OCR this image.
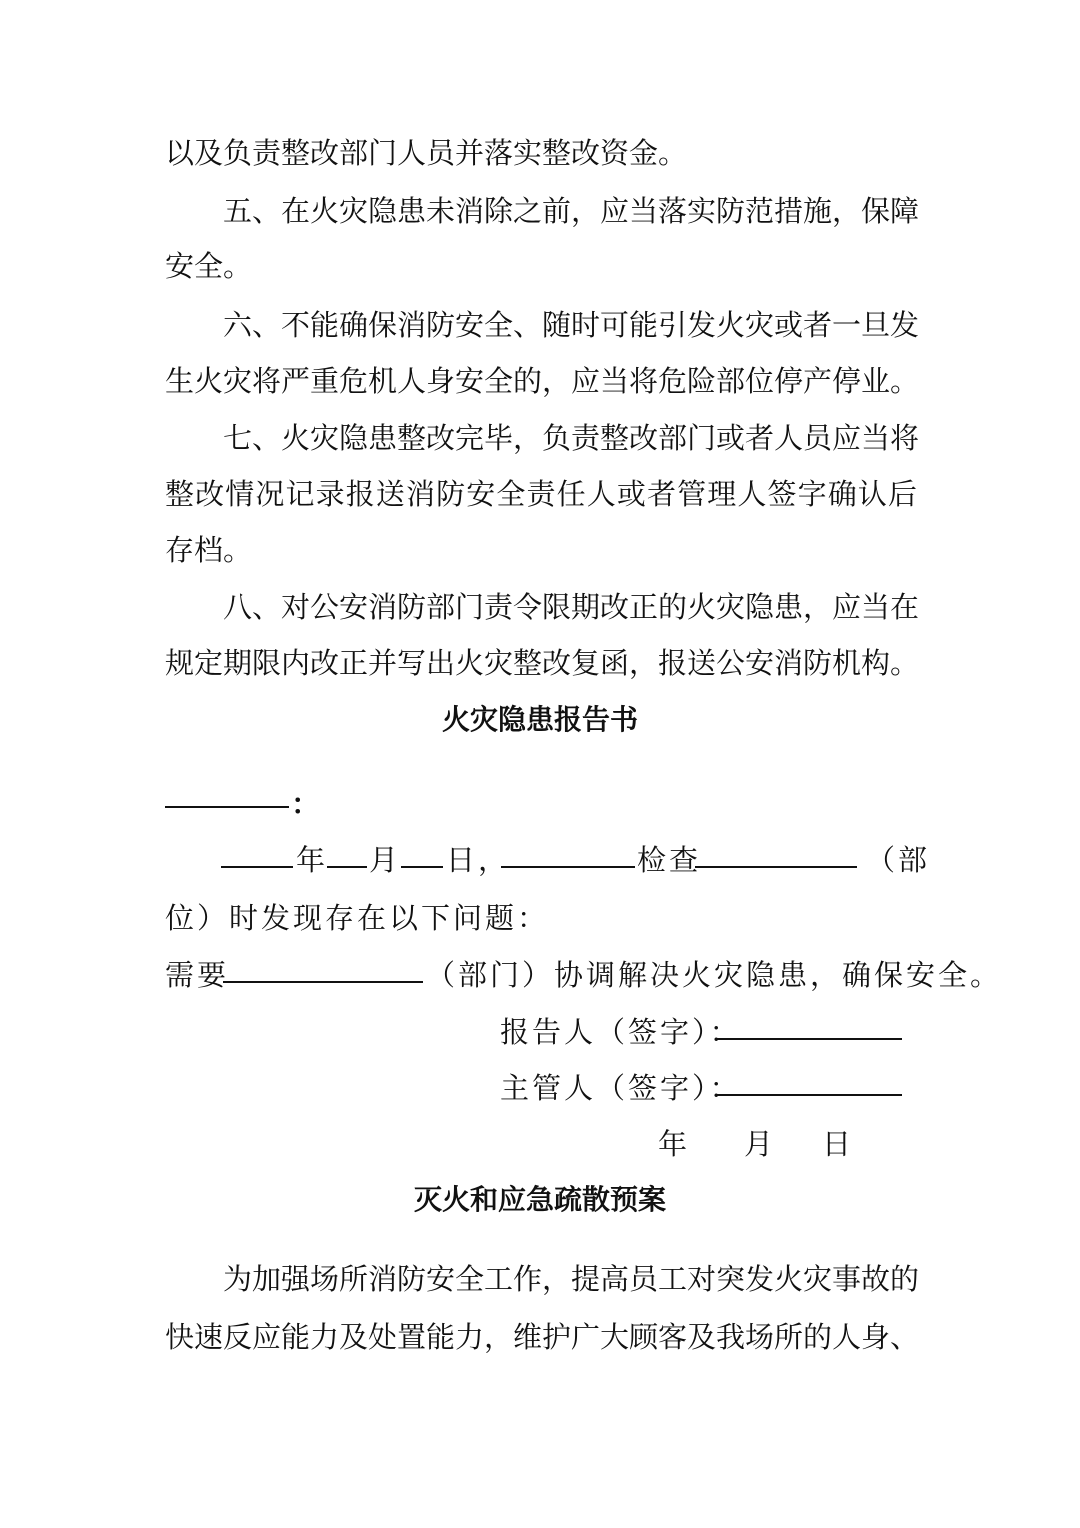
以及负责整改部门人员并落实整改资金。
五、在火灾隐患未消除之前，应当落实防范措施，保障
安全。
六、不能确保消防安全、随时可能引发火灾或者一旦发
生火灾将严重危机人身安全的，应当将危险部位停产停业。
七、火灾隐患整改完毕，负责整改部门或者人员应当将
整改情况记录报送消防安全责任人或者管理人签字确认后
存档。
八、对公安消防部门责令限期改正的火灾隐患，应当在
规定期限内改正并写出火灾整改复函，报送公安消防机构。
火灾隐患报告书
：
年 月 日，	检查	（部
位）时发现存在以下问题：
需要	（部门）协调解决火灾隐患，确保安全。
报告人（签字）：
主管人（签字）：
年 月 日
灭火和应急疏散预案
为加强场所消防安全工作，提高员工对突发火灾事故的
快速反应能力及处置能力，维护广大顾客及我场所的人身、
